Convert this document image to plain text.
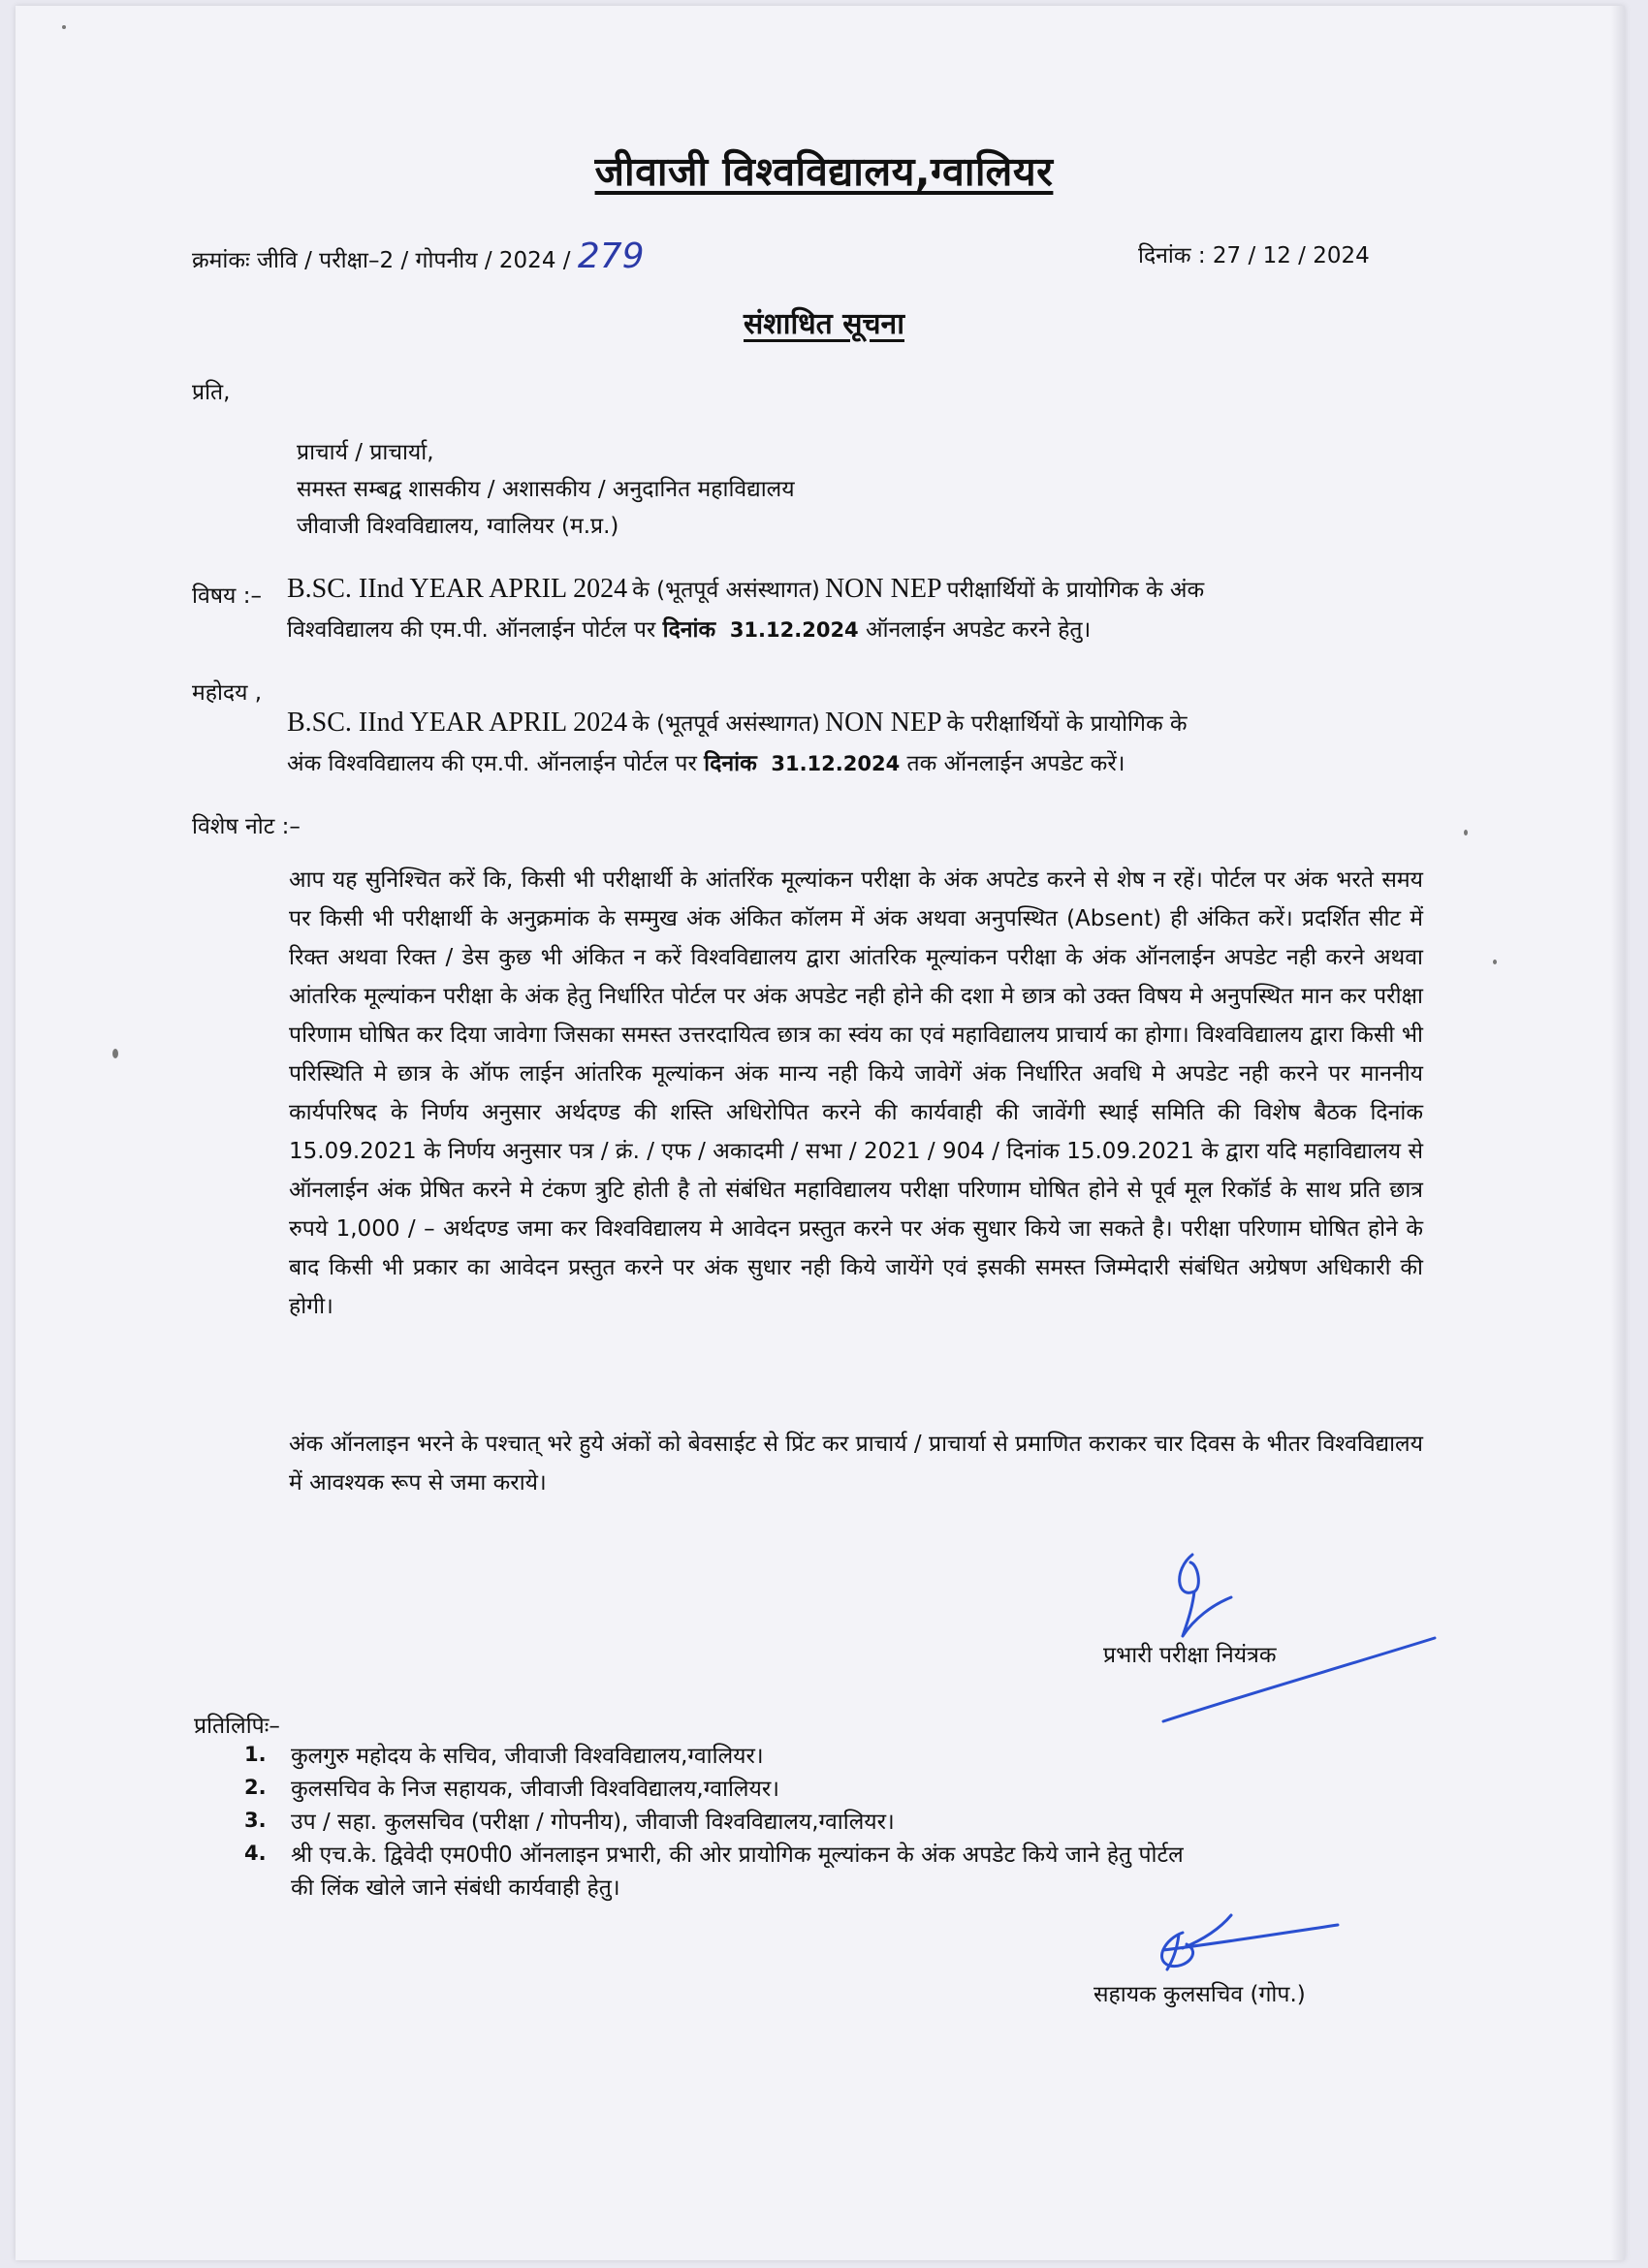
जीवाजी विश्वविद्यालय,ग्वालियर
क्रमांकः जीवि / परीक्षा–2 / गोपनीय / 2024 / 279	दिनांक : 27 / 12 / 2024
संशाधित सूचना
प्रति,
प्राचार्य / प्राचार्या,
समस्त सम्बद्व शासकीय / अशासकीय / अनुदानित महाविद्यालय
जीवाजी विश्वविद्यालय, ग्वालियर (म.प्र.)
विषय :– B.SC. IInd YEAR APRIL 2024 के (भूतपूर्व असंस्थागत) NON NEP परीक्षार्थियों के प्रायोगिक के अंक
विश्वविद्यालय की एम.पी. ऑनलाईन पोर्टल पर दिनांक 31.12.2024 ऑनलाईन अपडेट करने हेतु।
महोदय ,
B.SC. IInd YEAR APRIL 2024 के (भूतपूर्व असंस्थागत) NON NEP के परीक्षार्थियों के प्रायोगिक के
अंक विश्वविद्यालय की एम.पी. ऑनलाईन पोर्टल पर दिनांक 31.12.2024 तक ऑनलाईन अपडेट करें।
विशेष नोट :–
आप यह सुनिश्चित करें कि, किसी भी परीक्षार्थी के आंतरिंक मूल्यांकन परीक्षा के अंक अपटेड करने से शेष न रहें। पोर्टल पर अंक भरते समय पर किसी भी परीक्षार्थी के अनुक्रमांक के सम्मुख अंक अंकित कॉलम में अंक अथवा अनुपस्थित (Absent) ही अंकित करें। प्रदर्शित सीट में रिक्त अथवा रिक्त / डेस कुछ भी अंकित न करें विश्वविद्यालय द्वारा आंतरिक मूल्यांकन परीक्षा के अंक ऑनलाईन अपडेट नही करने अथवा आंतरिक मूल्यांकन परीक्षा के अंक हेतु निर्धारित पोर्टल पर अंक अपडेट नही होने की दशा मे छात्र को उक्त विषय मे अनुपस्थित मान कर परीक्षा परिणाम घोषित कर दिया जावेगा जिसका समस्त उत्तरदायित्व छात्र का स्वंय का एवं महाविद्यालय प्राचार्य का होगा। विश्वविद्यालय द्वारा किसी भी परिस्थिति मे छात्र के ऑफ लाईन आंतरिक मूल्यांकन अंक मान्य नही किये जावेगें अंक निर्धारित अवधि मे अपडेट नही करने पर माननीय कार्यपरिषद के निर्णय अनुसार अर्थदण्ड की शस्ति अधिरोपित करने की कार्यवाही की जावेंगी स्थाई समिति की विशेष बैठक दिनांक 15.09.2021 के निर्णय अनुसार पत्र / क्रं. / एफ / अकादमी / सभा / 2021 / 904 / दिनांक 15.09.2021 के द्वारा यदि महाविद्यालय से ऑनलाईन अंक प्रेषित करने मे टंकण त्रुटि होती है तो संबंधित महाविद्यालय परीक्षा परिणाम घोषित होने से पूर्व मूल रिकॉर्ड के साथ प्रति छात्र रुपये 1,000 / – अर्थदण्ड जमा कर विश्वविद्यालय मे आवेदन प्रस्तुत करने पर अंक सुधार किये जा सकते है। परीक्षा परिणाम घोषित होने के बाद किसी भी प्रकार का आवेदन प्रस्तुत करने पर अंक सुधार नही किये जायेंगे एवं इसकी समस्त जिम्मेदारी संबंधित अग्रेषण अधिकारी की होगी।
अंक ऑनलाइन भरने के पश्चात् भरे हुये अंकों को बेवसाईट से प्रिंट कर प्राचार्य / प्राचार्या से प्रमाणित कराकर चार दिवस के भीतर विश्वविद्यालय में आवश्यक रूप से जमा कराये।
प्रभारी परीक्षा नियंत्रक
प्रतिलिपिः–
1. कुलगुरु महोदय के सचिव, जीवाजी विश्वविद्यालय,ग्वालियर।
2. कुलसचिव के निज सहायक, जीवाजी विश्वविद्यालय,ग्वालियर।
3. उप / सहा. कुलसचिव (परीक्षा / गोपनीय), जीवाजी विश्वविद्यालय,ग्वालियर।
4. श्री एच.के. द्विवेदी एम0पी0 ऑनलाइन प्रभारी, की ओर प्रायोगिक मूल्यांकन के अंक अपडेट किये जाने हेतु पोर्टल
की लिंक खोले जाने संबंधी कार्यवाही हेतु।
सहायक कुलसचिव (गोप.)
